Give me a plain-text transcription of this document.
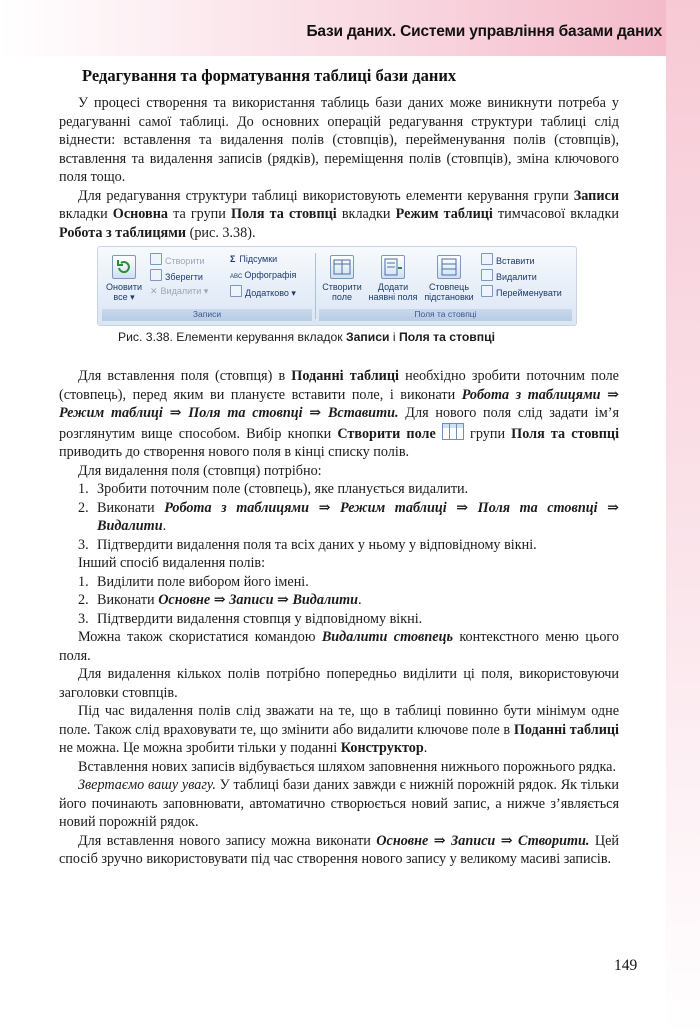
Бази даних. Системи управління базами даних
Редагування та форматування таблиці бази даних

У процесі створення та використання таблиць бази даних може виникнути потреба у редагуванні самої таблиці. До основних операцій редагування структури таблиці слід віднести: вставлення та видалення полів (стовпців), перейменування полів (стовпців), вставлення та видалення записів (рядків), переміщення полів (стовпців), зміна ключового поля тощо.

Для редагування структури таблиці використовують елементи керування групи Записи вкладки Основна та групи Поля та стовпці вкладки Режим таблиці тимчасової вкладки Робота з таблицями (рис. 3.38).

Оновити
все ▾
Створити
Зберегти
✕ Видалити ▾
Σ Підсумки
ABC Орфографія
Додатково ▾
Записи
Створити
поле
Додати
наявні поля
Стовпець
підстановки
Вставити
Видалити
Перейменувати
Поля та стовпці
Рис. 3.38. Елементи керування вкладок Записи і Поля та стовпці

Для вставлення поля (стовпця) в Поданні таблиці необхідно зробити поточним поле (стовпець), перед яким ви плануєте вставити поле, і виконати Робота з таблицями ⇒ Режим таблиці ⇒ Поля та стовпці ⇒ Вставити. Для нового поля слід задати ім’я розглянутим вище способом. Вибір кнопки Створити поле  групи Поля та стовпці приводить до створення нового поля в кінці списку полів.

Для видалення поля (стовпця) потрібно:

1. Зробити поточним поле (стовпець), яке планується видалити.
2. Виконати Робота з таблицями ⇒ Режим таблиці ⇒ Поля та стовпці ⇒ Видалити.
3. Підтвердити видалення поля та всіх даних у ньому у відповідному вікні.

Інший спосіб видалення полів:

1. Виділити поле вибором його імені.
2. Виконати Основне ⇒ Записи ⇒ Видалити.
3. Підтвердити видалення стовпця у відповідному вікні.

Можна також скористатися командою Видалити стовпець контекстного меню цього поля.

Для видалення кількох полів потрібно попередньо виділити ці поля, використовуючи заголовки стовпців.

Під час видалення полів слід зважати на те, що в таблиці повинно бути мінімум одне поле. Також слід враховувати те, що змінити або видалити ключове поле в Поданні таблиці не можна. Це можна зробити тільки у поданні Конструктор.

Вставлення нових записів відбувається шляхом заповнення нижнього порожнього рядка.

Звертаємо вашу увагу. У таблиці бази даних завжди є нижній порожній рядок. Як тільки його починають заповнювати, автоматично створюється новий запис, а нижче з’являється новий порожній рядок.

Для вставлення нового запису можна виконати Основне ⇒ Записи ⇒ Створити. Цей спосіб зручно використовувати під час створення нового запису у великому масиві записів.

149
